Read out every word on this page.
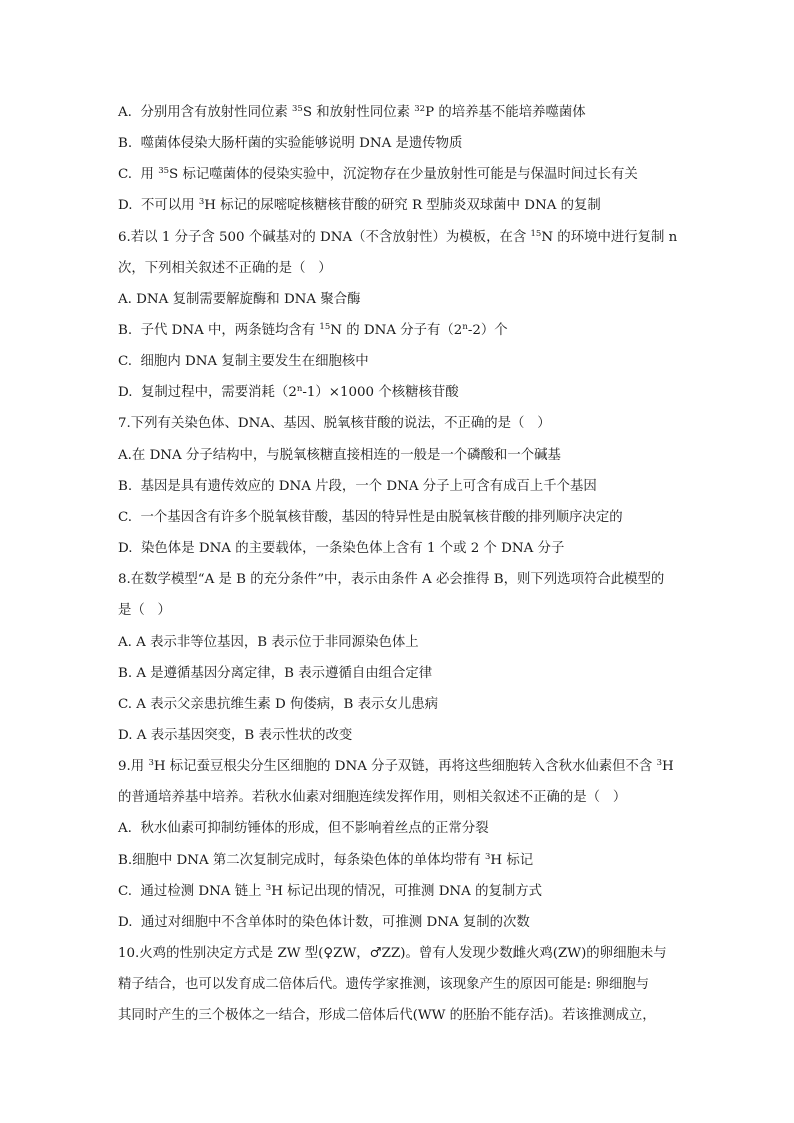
A.  分别用含有放射性同位素 $^{35}$S 和放射性同位素 $^{32}$P 的培养基不能培养噬菌体
B.  噬菌体侵染大肠杆菌的实验能够说明 DNA 是遗传物质
C.  用 $^{35}$S 标记噬菌体的侵染实验中，沉淀物存在少量放射性可能是与保温时间过长有关
D.  不可以用 $^3$H 标记的尿嘧啶核糖核苷酸的研究 R 型肺炎双球菌中 DNA 的复制
6.若以 1 分子含 500 个碱基对的 DNA（不含放射性）为模板，在含 $^{15}$N 的环境中进行复制 n
次，下列相关叙述不正确的是（   ）
A. DNA 复制需要解旋酶和 DNA 聚合酶
B.  子代 DNA 中，两条链均含有 $^{15}$N 的 DNA 分子有（2$^n$-2）个
C.  细胞内 DNA 复制主要发生在细胞核中
D.  复制过程中，需要消耗$(2^n-1)\times 1000$ 个核糖核苷酸
7.下列有关染色体、DNA、基因、脱氧核苷酸的说法，不正确的是（   ）
A.在 DNA 分子结构中，与脱氧核糖直接相连的一般是一个磷酸和一个碱基
B.  基因是具有遗传效应的 DNA 片段，一个 DNA 分子上可含有成百上千个基因
C.  一个基因含有许多个脱氧核苷酸，基因的特异性是由脱氧核苷酸的排列顺序决定的
D.  染色体是 DNA 的主要载体，一条染色体上含有 1 个或 2 个 DNA 分子
8.在数学模型“A 是 B 的充分条件”中，表示由条件 A 必会推得 B，则下列选项符合此模型的
是（   ）
A. A 表示非等位基因，B 表示位于非同源染色体上
B. A 是遵循基因分离定律，B 表示遵循自由组合定律
C. A 表示父亲患抗维生素 D 佝偻病，B 表示女儿患病
D. A 表示基因突变，B 表示性状的改变
9.用 $^3$H 标记蚕豆根尖分生区细胞的 DNA 分子双链，再将这些细胞转入含秋水仙素但不含 $^3$H
的普通培养基中培养。若秋水仙素对细胞连续发挥作用，则相关叙述不正确的是（   ）
A.  秋水仙素可抑制纺锤体的形成，但不影响着丝点的正常分裂
B.细胞中 DNA 第二次复制完成时，每条染色体的单体均带有 $^3$H 标记
C.  通过检测 DNA 链上 $^3$H 标记出现的情况，可推测 DNA 的复制方式
D.  通过对细胞中不含单体时的染色体计数，可推测 DNA 复制的次数
10.火鸡的性别决定方式是 ZW 型(♀ZW，♂ZZ)。曾有人发现少数雌火鸡(ZW)的卵细胞未与
精子结合，也可以发育成二倍体后代。遗传学家推测，该现象产生的原因可能是: 卵细胞与
其同时产生的三个极体之一结合，形成二倍体后代(WW 的胚胎不能存活)。若该推测成立，
